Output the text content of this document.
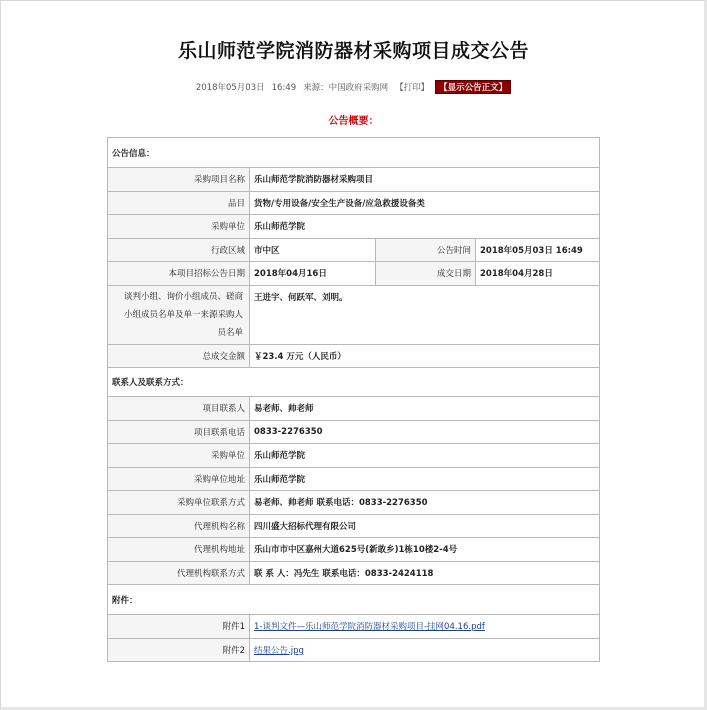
乐山师范学院消防器材采购项目成交公告
2018年05月03日 16:49 来源：中国政府采购网 【打印】 【显示公告正文】
公告概要：
公告信息：			
采购项目名称	乐山师范学院消防器材采购项目		
品目	货物/专用设备/安全生产设备/应急救援设备类		
采购单位	乐山师范学院		
行政区域	市中区	公告时间	2018年05月03日 16:49
本项目招标公告日期	2018年04月16日	成交日期	2018年04月28日
谈判小组、询价小组成员、磋商小组成员名单及单一来源采购人员名单	王进宇、何跃军、刘明。		
总成交金额	￥23.4 万元（人民币）		
联系人及联系方式：			
项目联系人	易老师、帅老师		
项目联系电话	0833-2276350		
采购单位	乐山师范学院		
采购单位地址	乐山师范学院		
采购单位联系方式	易老师、帅老师 联系电话：0833-2276350		
代理机构名称	四川盛大招标代理有限公司		
代理机构地址	乐山市市中区嘉州大道625号(新敢乡)1栋10楼2-4号		
代理机构联系方式	联 系 人：冯先生 联系电话：0833-2424118		
附件：			
附件1	1-谈判文件—乐山师范学院消防器材采购项目-挂网04.16.pdf		
附件2	结果公告.jpg		
